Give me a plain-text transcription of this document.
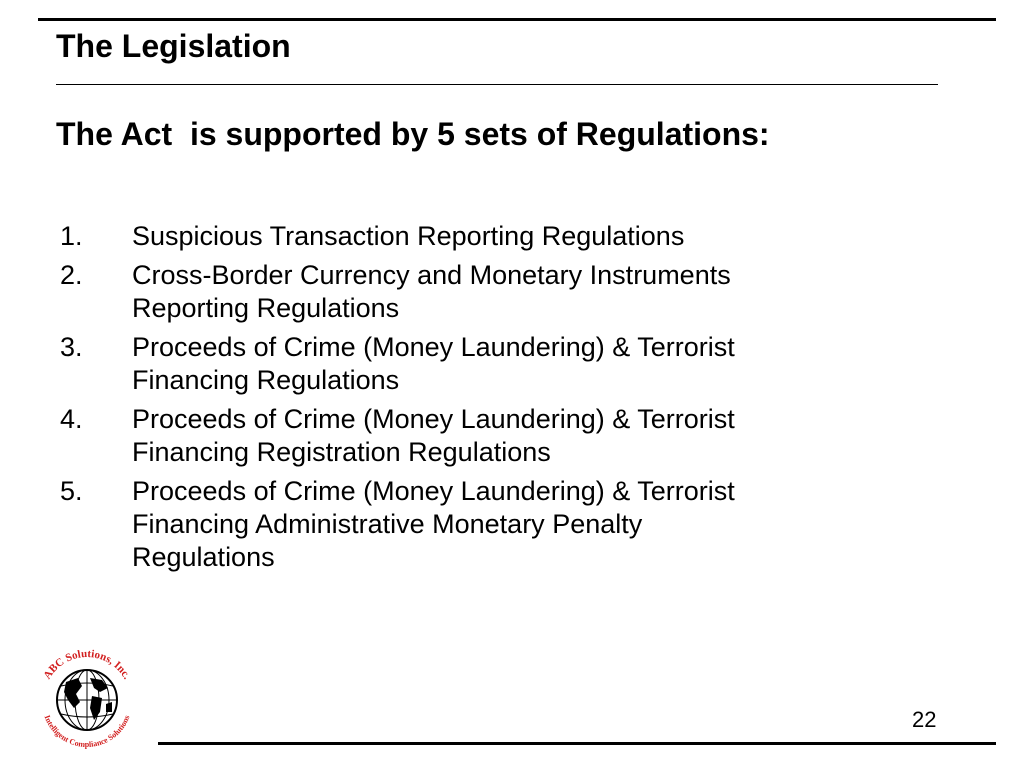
The Legislation
The Act  is supported by 5 sets of Regulations:
1.	Suspicious Transaction Reporting Regulations
2.	Cross-Border Currency and Monetary Instruments
Reporting Regulations
3.	Proceeds of Crime (Money Laundering) & Terrorist
Financing Regulations
4.	Proceeds of Crime (Money Laundering) & Terrorist
Financing Registration Regulations
5.	Proceeds of Crime (Money Laundering) & Terrorist
Financing Administrative Monetary Penalty
Regulations
ABC Solutions, Inc.
Intelligent Compliance Solutions	22
